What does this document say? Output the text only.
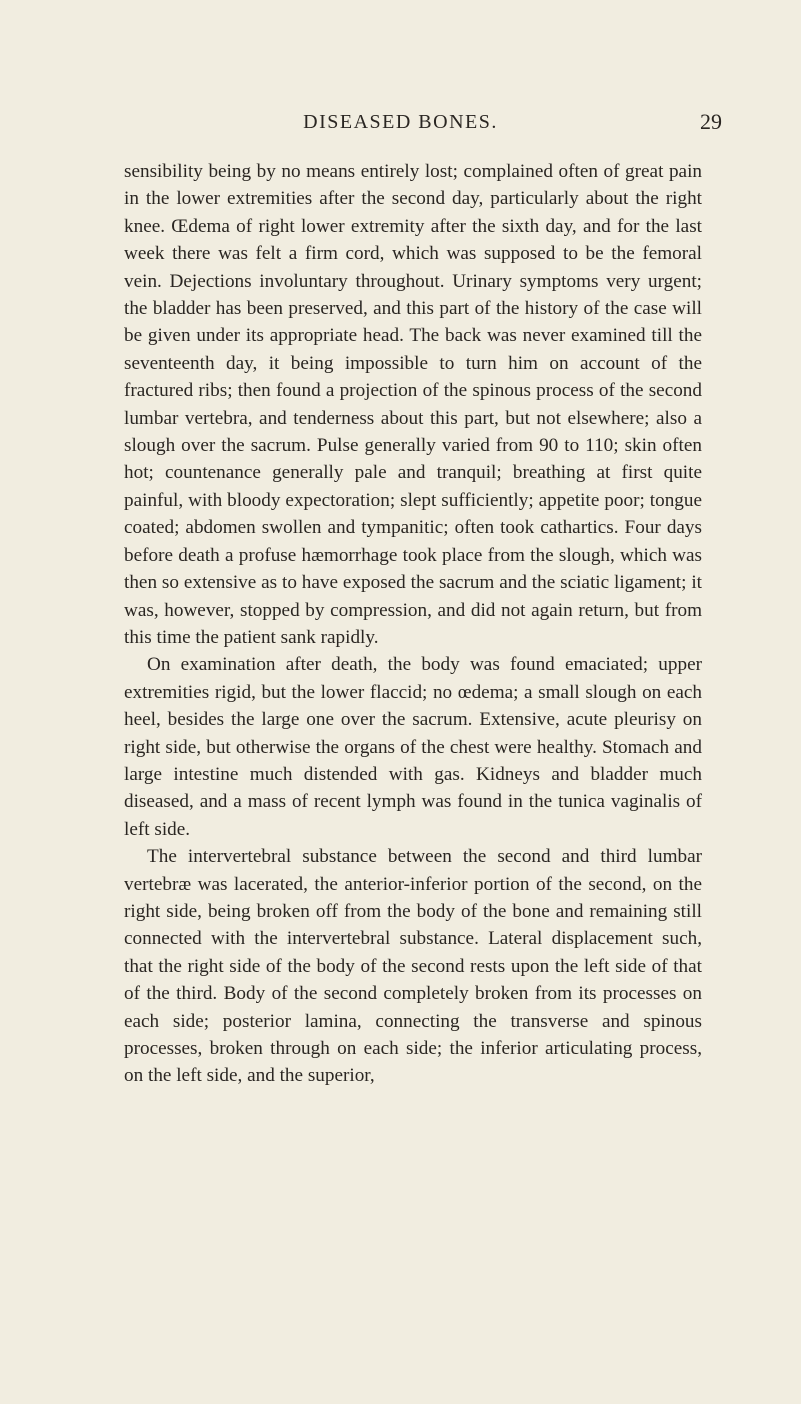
DISEASED BONES.	29

sensibility being by no means entirely lost; complained often of great pain in the lower extremities after the second day, particularly about the right knee. Œdema of right lower extremity after the sixth day, and for the last week there was felt a firm cord, which was supposed to be the femoral vein. Dejections involuntary throughout. Urinary symptoms very urgent; the bladder has been preserved, and this part of the history of the case will be given under its appropriate head. The back was never examined till the seventeenth day, it being impossible to turn him on account of the fractured ribs; then found a projection of the spinous process of the second lumbar vertebra, and tenderness about this part, but not elsewhere; also a slough over the sacrum. Pulse generally varied from 90 to 110; skin often hot; countenance generally pale and tranquil; breathing at first quite painful, with bloody expectoration; slept sufficiently; appetite poor; tongue coated; abdomen swollen and tympanitic; often took cathartics. Four days before death a profuse hæmorrhage took place from the slough, which was then so extensive as to have exposed the sacrum and the sciatic ligament; it was, however, stopped by compression, and did not again return, but from this time the patient sank rapidly.

On examination after death, the body was found emaciated; upper extremities rigid, but the lower flaccid; no œdema; a small slough on each heel, besides the large one over the sacrum. Extensive, acute pleurisy on right side, but otherwise the organs of the chest were healthy. Stomach and large intestine much distended with gas. Kidneys and bladder much diseased, and a mass of recent lymph was found in the tunica vaginalis of left side.

The intervertebral substance between the second and third lumbar vertebræ was lacerated, the anterior-inferior portion of the second, on the right side, being broken off from the body of the bone and remaining still connected with the intervertebral substance. Lateral displacement such, that the right side of the body of the second rests upon the left side of that of the third. Body of the second completely broken from its processes on each side; posterior lamina, connecting the transverse and spinous processes, broken through on each side; the inferior articulating process, on the left side, and the superior,
